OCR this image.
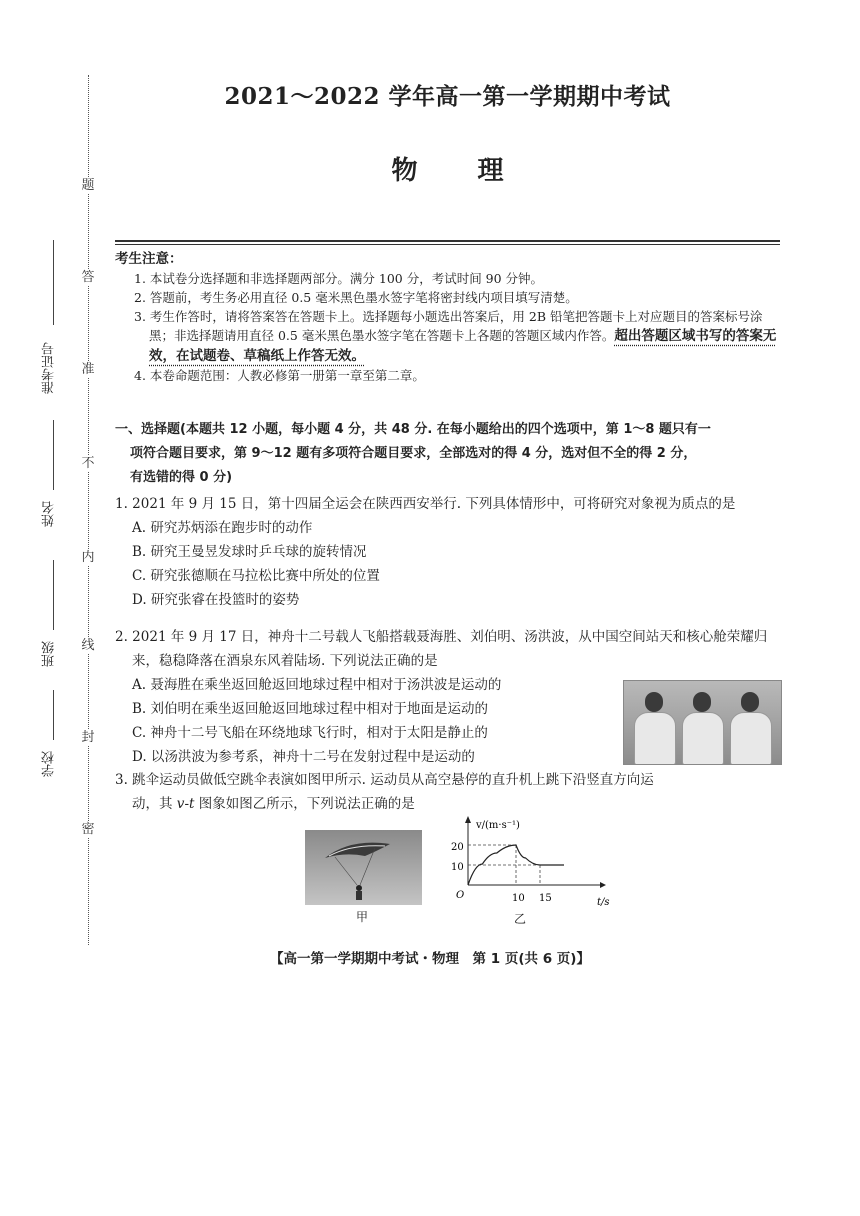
题
答
准
不
内
线
封
密
准考证号
姓名
班级
学校
2021～2022 学年高一第一学期期中考试
物理
考生注意：
1. 本试卷分选择题和非选择题两部分。满分 100 分，考试时间 90 分钟。
2. 答题前，考生务必用直径 0.5 毫米黑色墨水签字笔将密封线内项目填写清楚。
3. 考生作答时，请将答案答在答题卡上。选择题每小题选出答案后，用 2B 铅笔把答题卡上对应题目的答案标号涂黑；非选择题请用直径 0.5 毫米黑色墨水签字笔在答题卡上各题的答题区域内作答。超出答题区域书写的答案无效，在试题卷、草稿纸上作答无效。
4. 本卷命题范围：人教必修第一册第一章至第二章。
一、选择题(本题共 12 小题，每小题 4 分，共 48 分. 在每小题给出的四个选项中，第 1～8 题只有一
项符合题目要求，第 9～12 题有多项符合题目要求，全部选对的得 4 分，选对但不全的得 2 分，
有选错的得 0 分)
1. 2021 年 9 月 15 日，第十四届全运会在陕西西安举行. 下列具体情形中，可将研究对象视为质点的是
A. 研究苏炳添在跑步时的动作
B. 研究王曼昱发球时乒乓球的旋转情况
C. 研究张德顺在马拉松比赛中所处的位置
D. 研究张睿在投篮时的姿势
2. 2021 年 9 月 17 日，神舟十二号载人飞船搭载聂海胜、刘伯明、汤洪波，从中国空间站天和核心舱荣耀归来，稳稳降落在酒泉东风着陆场. 下列说法正确的是
A. 聂海胜在乘坐返回舱返回地球过程中相对于汤洪波是运动的
B. 刘伯明在乘坐返回舱返回地球过程中相对于地面是运动的
C. 神舟十二号飞船在环绕地球飞行时，相对于太阳是静止的
D. 以汤洪波为参考系，神舟十二号在发射过程中是运动的
3. 跳伞运动员做低空跳伞表演如图甲所示. 运动员从高空悬停的直升机上跳下沿竖直方向运
动，其 v-t 图象如图乙所示，下列说法正确的是
甲
v/(m·s⁻¹)
t/s
O
20
10
10 15
乙
【高一第一学期期中考试・物理　第 1 页(共 6 页)】
